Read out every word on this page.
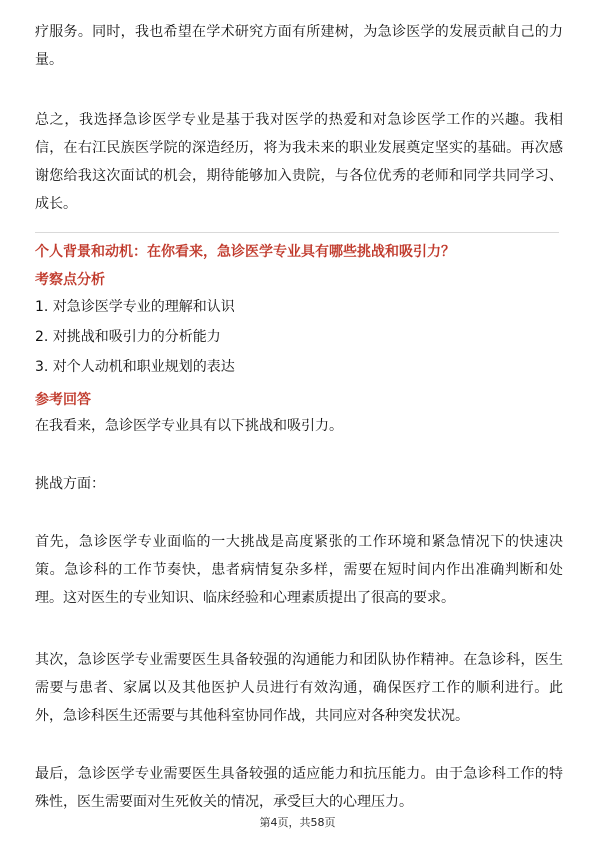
疗服务。同时，我也希望在学术研究方面有所建树，为急诊医学的发展贡献自己的力量。

总之，我选择急诊医学专业是基于我对医学的热爱和对急诊医学工作的兴趣。我相信，在右江民族医学院的深造经历，将为我未来的职业发展奠定坚实的基础。再次感谢您给我这次面试的机会，期待能够加入贵院，与各位优秀的老师和同学共同学习、成长。

个人背景和动机：在你看来，急诊医学专业具有哪些挑战和吸引力？

考察点分析

1. 对急诊医学专业的理解和认识

2. 对挑战和吸引力的分析能力

3. 对个人动机和职业规划的表达

参考回答

在我看来，急诊医学专业具有以下挑战和吸引力。

挑战方面：

首先，急诊医学专业面临的一大挑战是高度紧张的工作环境和紧急情况下的快速决策。急诊科的工作节奏快，患者病情复杂多样，需要在短时间内作出准确判断和处理。这对医生的专业知识、临床经验和心理素质提出了很高的要求。

其次，急诊医学专业需要医生具备较强的沟通能力和团队协作精神。在急诊科，医生需要与患者、家属以及其他医护人员进行有效沟通，确保医疗工作的顺利进行。此外，急诊科医生还需要与其他科室协同作战，共同应对各种突发状况。

最后，急诊医学专业需要医生具备较强的适应能力和抗压能力。由于急诊科工作的特殊性，医生需要面对生死攸关的情况，承受巨大的心理压力。

第4页，共58页
